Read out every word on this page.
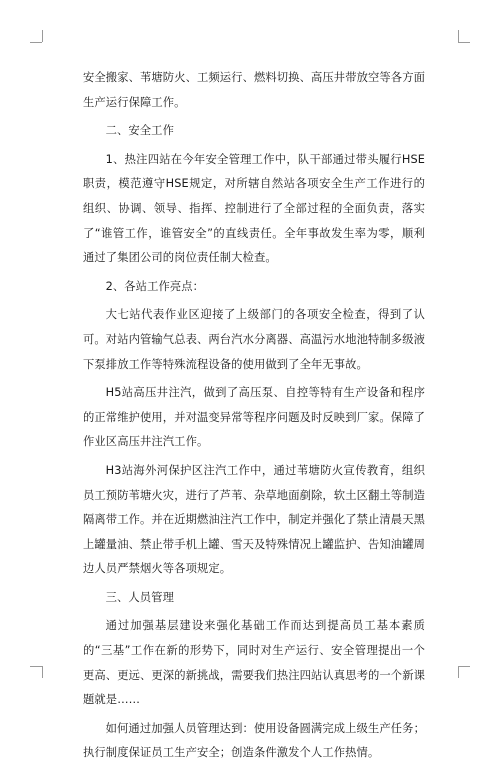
安全搬家、苇塘防火、工频运行、燃料切换、高压井带放空等各方面生产运行保障工作。

二、安全工作

1、热注四站在今年安全管理工作中，队干部通过带头履行HSE职责，模范遵守HSE规定，对所辖自然站各项安全生产工作进行的组织、协调、领导、指挥、控制进行了全部过程的全面负责，落实了“谁管工作，谁管安全”的直线责任。全年事故发生率为零，顺利通过了集团公司的岗位责任制大检查。

2、各站工作亮点：

大七站代表作业区迎接了上级部门的各项安全检查，得到了认可。对站内管输气总表、两台汽水分离器、高温污水地池特制多级液下泵排放工作等特殊流程设备的使用做到了全年无事故。

H5站高压井注汽，做到了高压泵、自控等特有生产设备和程序的正常维护使用，并对温变异常等程序问题及时反映到厂家。保障了作业区高压井注汽工作。

H3站海外河保护区注汽工作中，通过苇塘防火宣传教育，组织员工预防苇塘火灾，进行了芦苇、杂草地面剷除，软土区翻土等制造隔离带工作。并在近期燃油注汽工作中，制定并强化了禁止清晨天黑上罐量油、禁止带手机上罐、雪天及特殊情况上罐监护、告知油罐周边人员严禁烟火等各项规定。

三、人员管理

通过加强基层建设来强化基础工作而达到提高员工基本素质的“三基”工作在新的形势下，同时对生产运行、安全管理提出一个更高、更远、更深的新挑战，需要我们热注四站认真思考的一个新课题就是……

如何通过加强人员管理达到：使用设备圆满完成上级生产任务；执行制度保证员工生产安全；创造条件激发个人工作热情。
